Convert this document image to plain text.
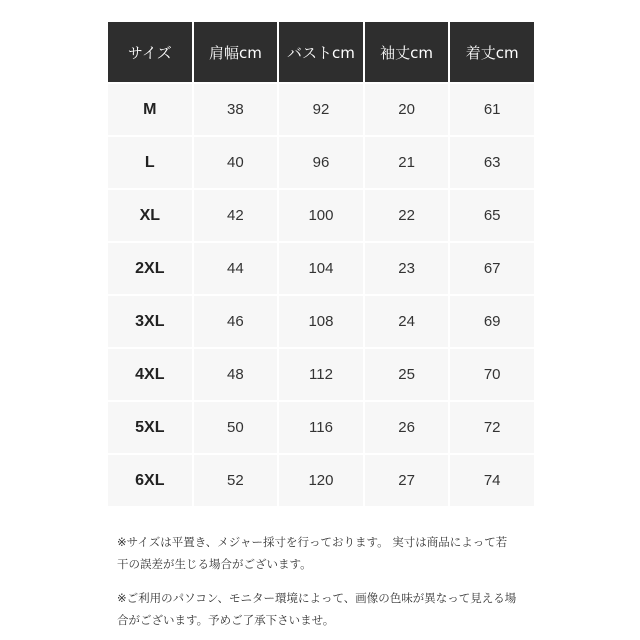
サイズ	肩幅cm	バストcm	袖丈cm	着丈cm
M	38	92	20	61
L	40	96	21	63
XL	42	100	22	65
2XL	44	104	23	67
3XL	46	108	24	69
4XL	48	112	25	70
5XL	50	116	26	72
6XL	52	120	27	74

※サイズは平置き、メジャー採寸を行っております。 実寸は商品によって若
干の誤差が生じる場合がございます。

※ご利用のパソコン、モニター環境によって、画像の色味が異なって見える場
合がございます。予めご了承下さいませ。
